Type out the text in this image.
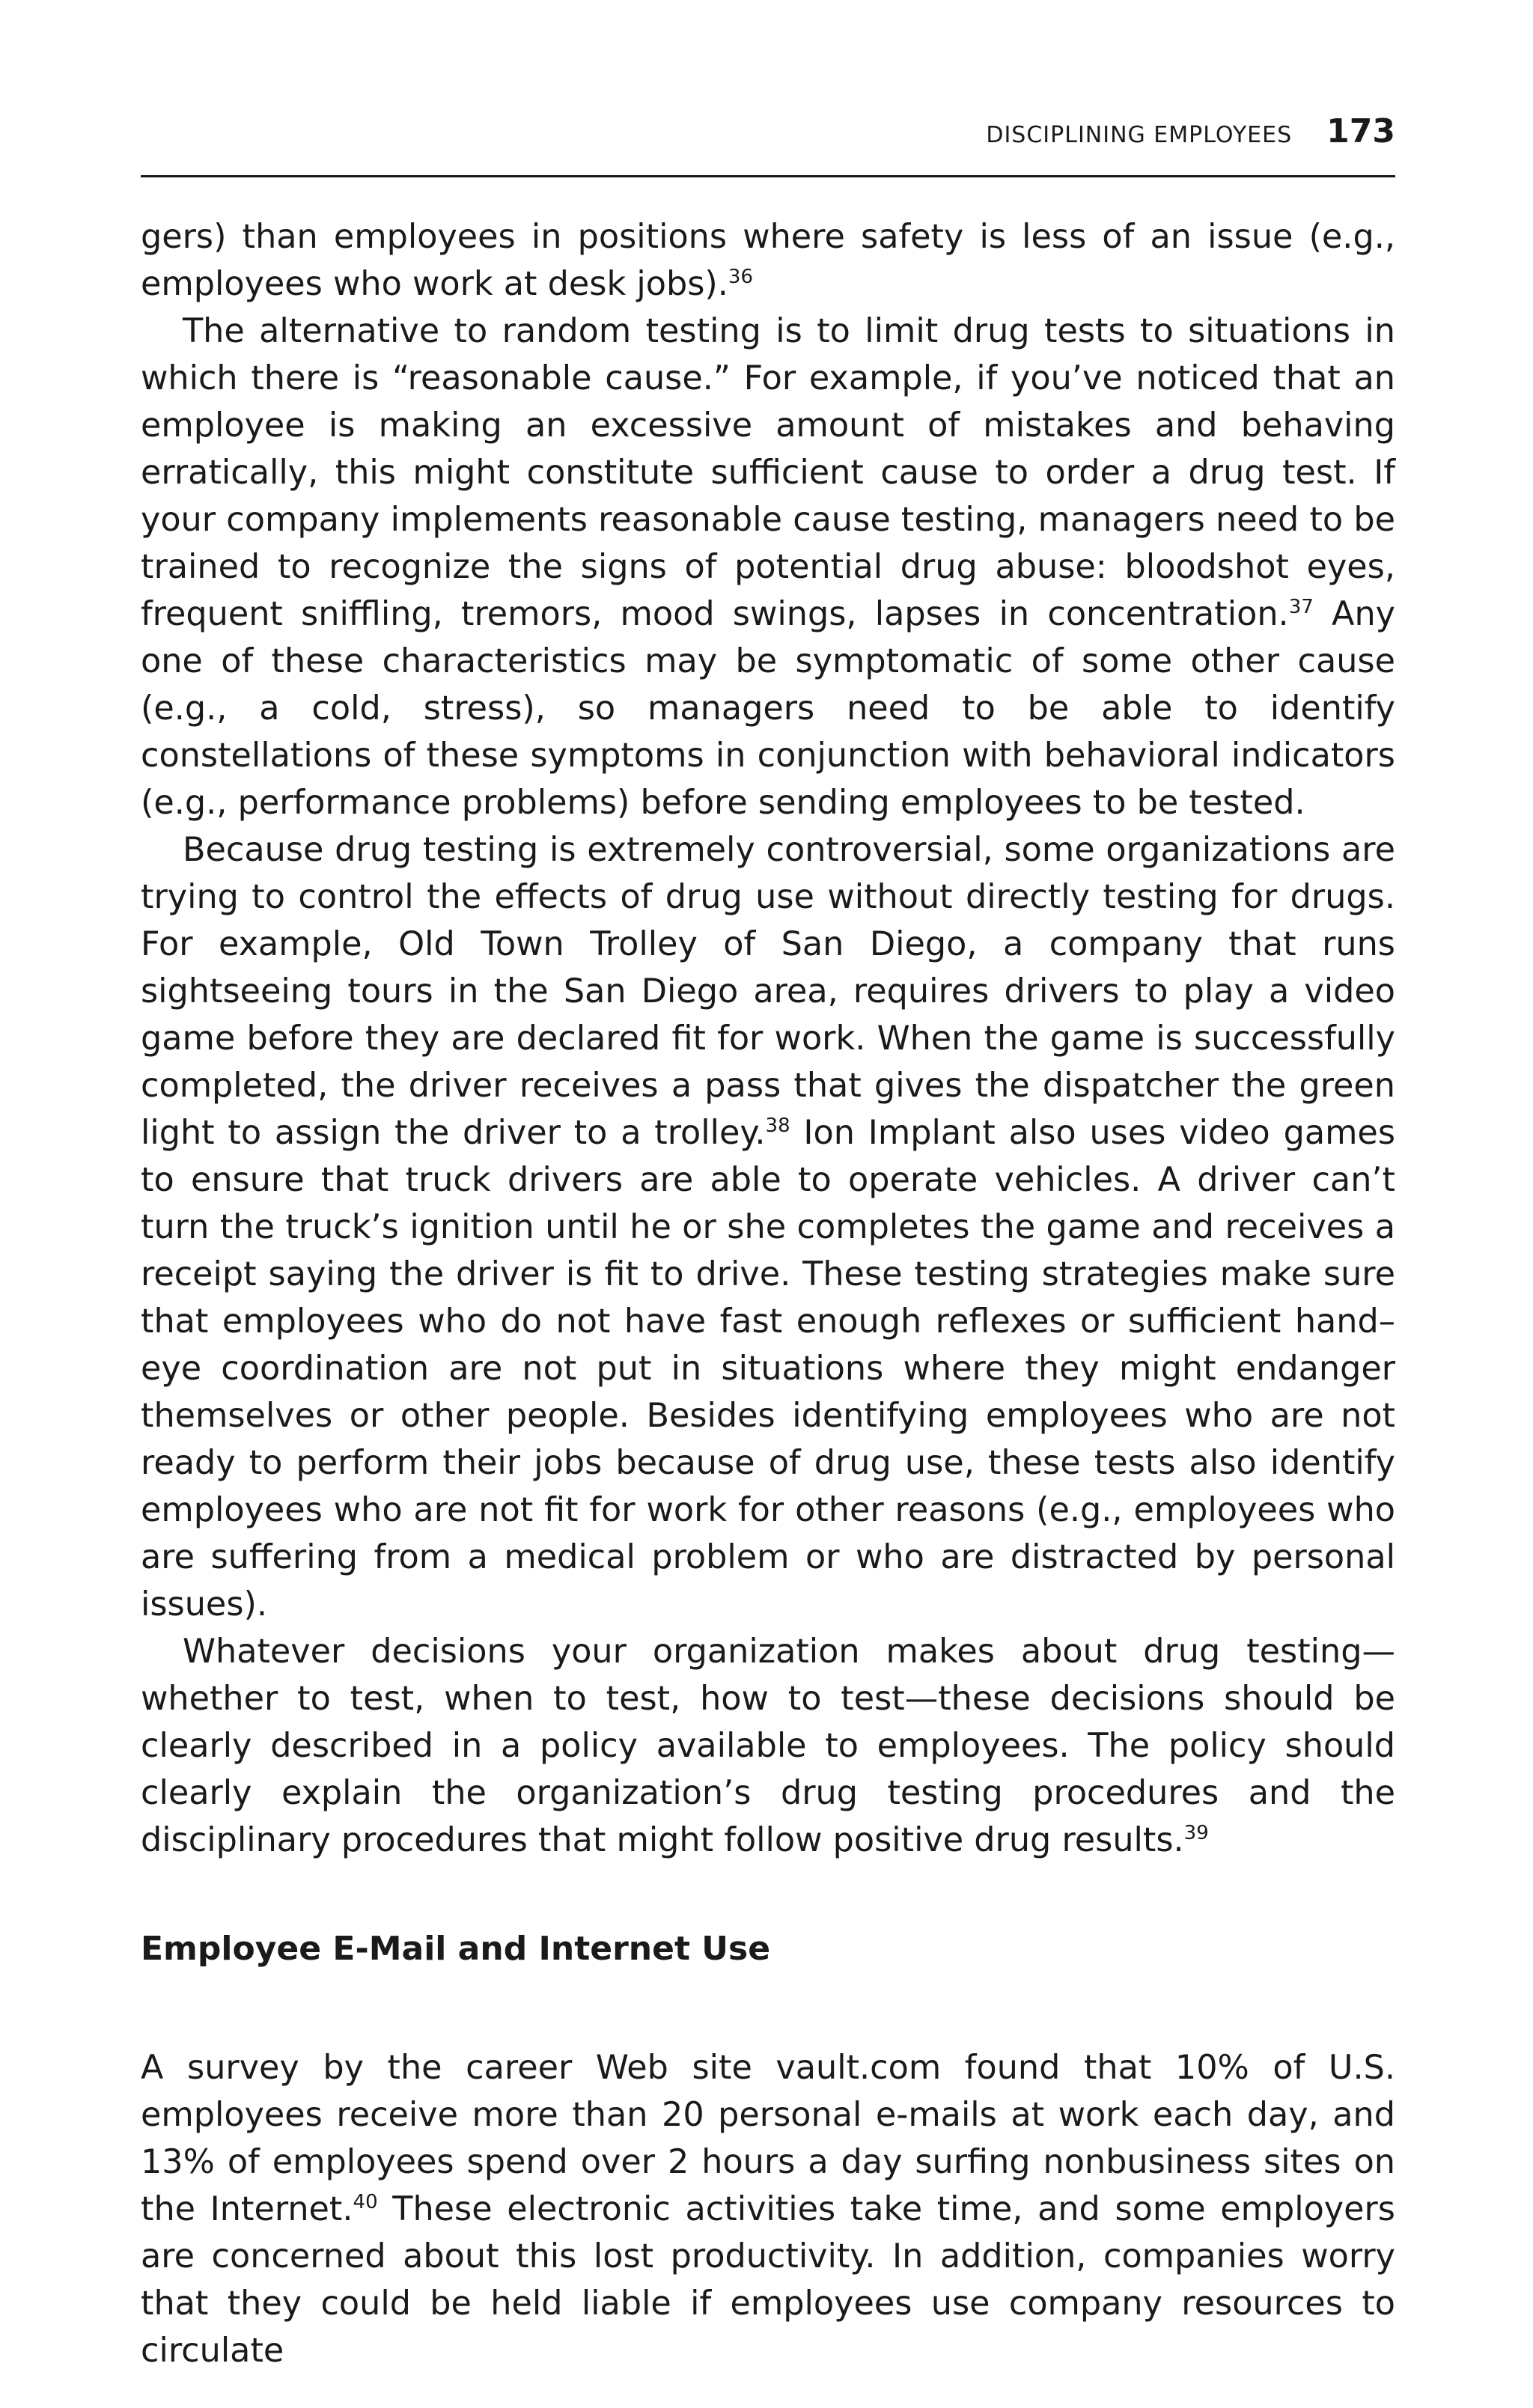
DISCIPLINING EMPLOYEES 173

gers) than employees in positions where safety is less of an issue (e.g., employees who work at desk jobs).$^{36}$

The alternative to random testing is to limit drug tests to situations in which there is “reasonable cause.” For example, if you’ve noticed that an employee is making an excessive amount of mistakes and behaving erratically, this might constitute sufficient cause to order a drug test. If your company implements reasonable cause testing, managers need to be trained to recognize the signs of potential drug abuse: bloodshot eyes, frequent sniffling, tremors, mood swings, lapses in concentration.$^{37}$ Any one of these characteristics may be symptomatic of some other cause (e.g., a cold, stress), so managers need to be able to identify constellations of these symptoms in conjunction with behavioral indicators (e.g., performance problems) before sending employees to be tested.

Because drug testing is extremely controversial, some organizations are trying to control the effects of drug use without directly testing for drugs. For example, Old Town Trolley of San Diego, a company that runs sightseeing tours in the San Diego area, requires drivers to play a video game before they are declared fit for work. When the game is successfully completed, the driver receives a pass that gives the dispatcher the green light to assign the driver to a trolley.$^{38}$ Ion Implant also uses video games to ensure that truck drivers are able to operate vehicles. A driver can’t turn the truck’s ignition until he or she completes the game and receives a receipt saying the driver is fit to drive. These testing strategies make sure that employees who do not have fast enough reflexes or sufficient hand–eye coordination are not put in situations where they might endanger themselves or other people. Besides identifying employees who are not ready to perform their jobs because of drug use, these tests also identify employees who are not fit for work for other reasons (e.g., employees who are suffering from a medical problem or who are distracted by personal issues).

Whatever decisions your organization makes about drug testing—whether to test, when to test, how to test—these decisions should be clearly described in a policy available to employees. The policy should clearly explain the organization’s drug testing procedures and the disciplinary procedures that might follow positive drug results.$^{39}$

Employee E-Mail and Internet Use

A survey by the career Web site vault.com found that 10% of U.S. employees receive more than 20 personal e-mails at work each day, and 13% of employees spend over 2 hours a day surfing nonbusiness sites on the Internet.$^{40}$ These electronic activities take time, and some employers are concerned about this lost productivity. In addition, companies worry that they could be held liable if employees use company resources to circulate
